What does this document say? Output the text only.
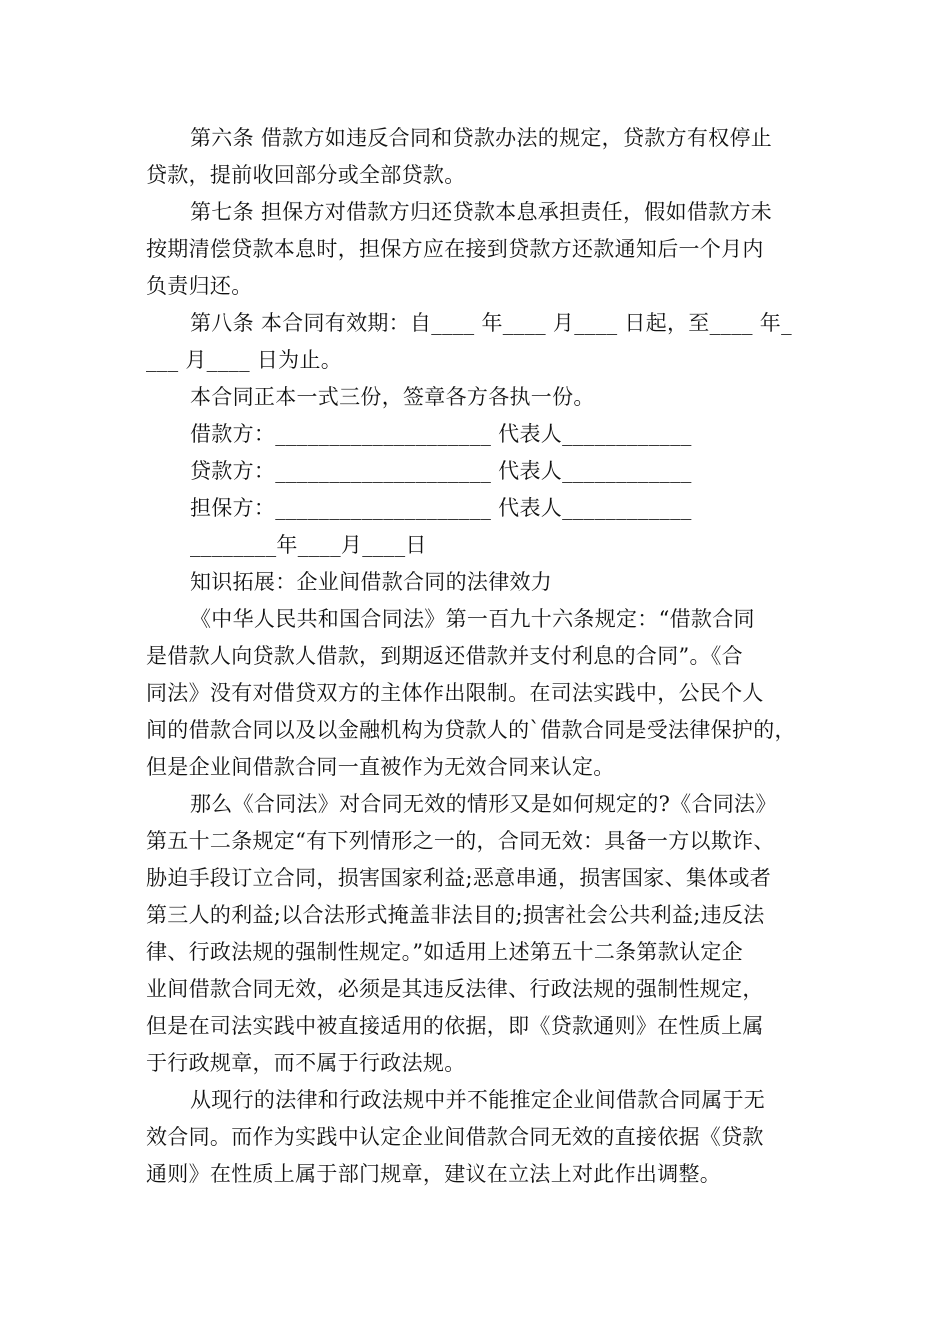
第六条 借款方如违反合同和贷款办法的规定，贷款方有权停止
贷款，提前收回部分或全部贷款。
第七条 担保方对借款方归还贷款本息承担责任，假如借款方未
按期清偿贷款本息时，担保方应在接到贷款方还款通知后一个月内
负责归还。
第八条 本合同有效期：自____ 年____ 月____ 日起，至____ 年_
___ 月____ 日为止。
本合同正本一式三份，签章各方各执一份。
借款方：____________________ 代表人____________
贷款方：____________________ 代表人____________
担保方：____________________ 代表人____________
________年____月____日
知识拓展：企业间借款合同的法律效力
《中华人民共和国合同法》第一百九十六条规定：“借款合同
是借款人向贷款人借款，到期返还借款并支付利息的合同”。《合
同法》没有对借贷双方的主体作出限制。在司法实践中，公民个人
间的借款合同以及以金融机构为贷款人的`借款合同是受法律保护的，
但是企业间借款合同一直被作为无效合同来认定。
那么《合同法》对合同无效的情形又是如何规定的?《合同法》
第五十二条规定“有下列情形之一的，合同无效：具备一方以欺诈、
胁迫手段订立合同，损害国家利益;恶意串通，损害国家、集体或者
第三人的利益;以合法形式掩盖非法目的;损害社会公共利益;违反法
律、行政法规的强制性规定。”如适用上述第五十二条第款认定企
业间借款合同无效，必须是其违反法律、行政法规的强制性规定，
但是在司法实践中被直接适用的依据，即《贷款通则》在性质上属
于行政规章，而不属于行政法规。
从现行的法律和行政法规中并不能推定企业间借款合同属于无
效合同。而作为实践中认定企业间借款合同无效的直接依据《贷款
通则》在性质上属于部门规章，建议在立法上对此作出调整。
